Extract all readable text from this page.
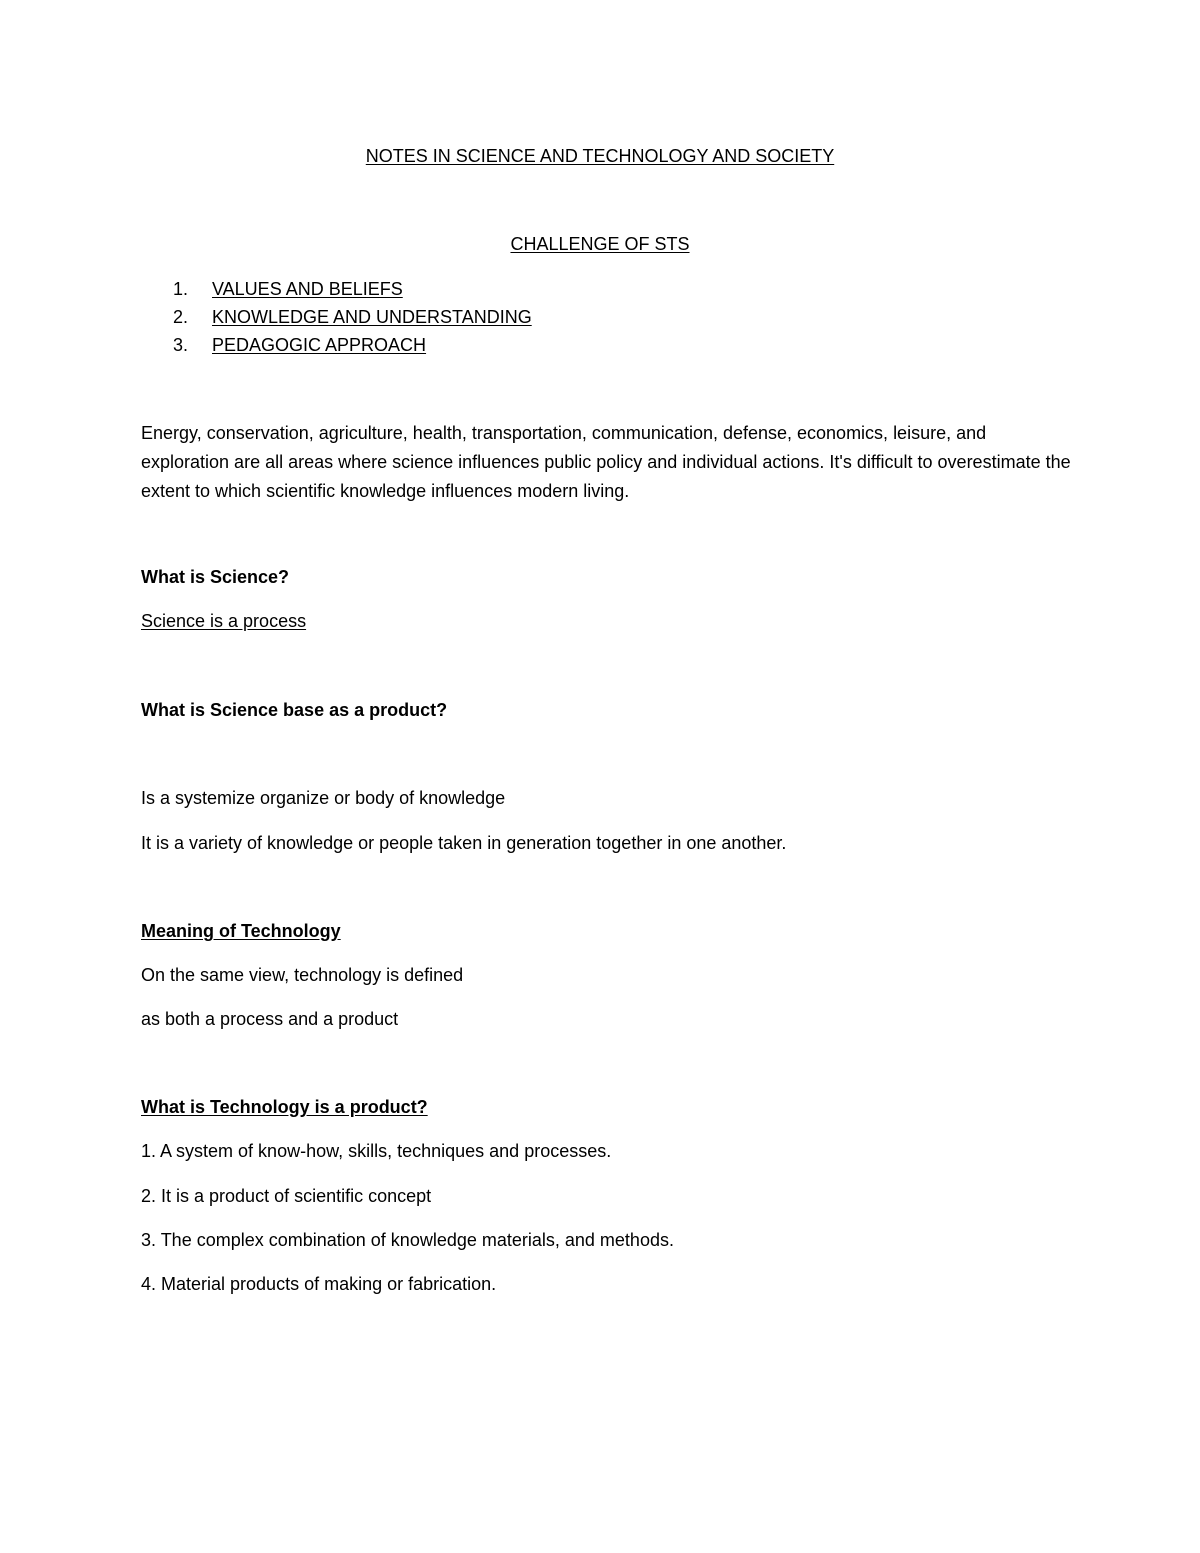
NOTES IN SCIENCE AND TECHNOLOGY AND SOCIETY
CHALLENGE OF STS
1. VALUES AND BELIEFS
2. KNOWLEDGE AND UNDERSTANDING
3. PEDAGOGIC APPROACH
Energy, conservation, agriculture, health, transportation, communication, defense, economics, leisure, and exploration are all areas where science influences public policy and individual actions. It's difficult to overestimate the extent to which scientific knowledge influences modern living.
What is Science?
Science is a process
What is Science base as a product?
Is a systemize organize or body of knowledge
It is a variety of knowledge or people taken in generation together in one another.
Meaning of Technology
On the same view, technology is defined
as both a process and a product
What is Technology is a product?
1. A system of know-how, skills, techniques and processes.
2. It is a product of scientific concept
3. The complex combination of knowledge materials, and methods.
4. Material products of making or fabrication.
